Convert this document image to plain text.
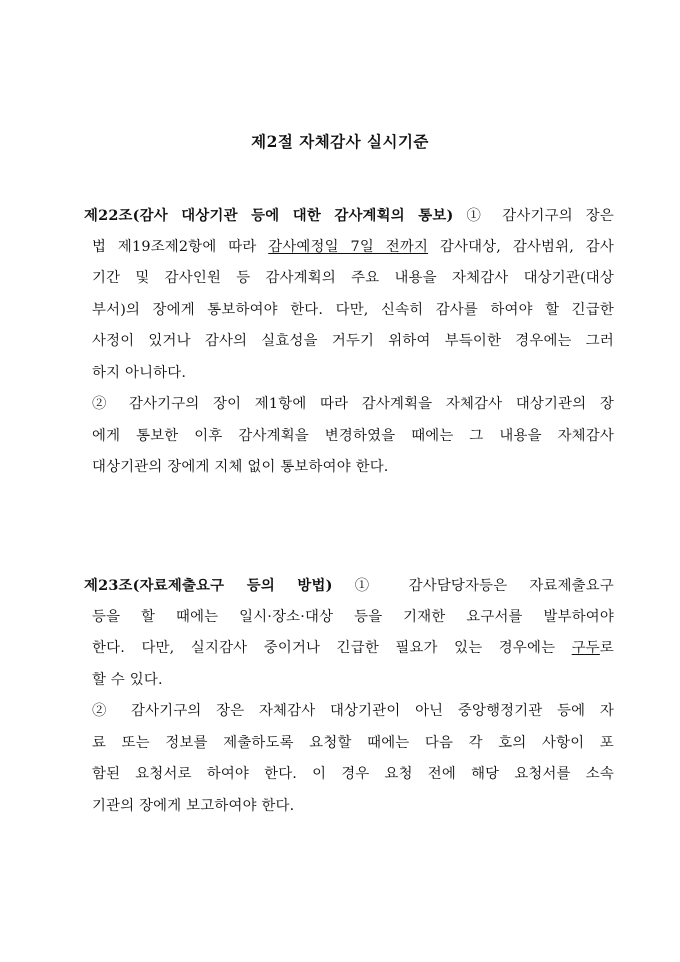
제2절 자체감사 실시기준
제22조(감사 대상기관 등에 대한 감사계획의 통보) ① 감사기구의 장은
법 제19조제2항에 따라 감사예정일 7일 전까지 감사대상, 감사범위, 감사
기간 및 감사인원 등 감사계획의 주요 내용을 자체감사 대상기관(대상
부서)의 장에게 통보하여야 한다. 다만, 신속히 감사를 하여야 할 긴급한
사정이 있거나 감사의 실효성을 거두기 위하여 부득이한 경우에는 그러
하지 아니하다.
② 감사기구의 장이 제1항에 따라 감사계획을 자체감사 대상기관의 장
에게 통보한 이후 감사계획을 변경하였을 때에는 그 내용을 자체감사
대상기관의 장에게 지체 없이 통보하여야 한다.
제23조(자료제출요구 등의 방법) ① 감사담당자등은 자료제출요구
등을 할 때에는 일시·장소·대상 등을 기재한 요구서를 발부하여야
한다. 다만, 실지감사 중이거나 긴급한 필요가 있는 경우에는 구두로
할 수 있다.
② 감사기구의 장은 자체감사 대상기관이 아닌 중앙행정기관 등에 자
료 또는 정보를 제출하도록 요청할 때에는 다음 각 호의 사항이 포
함된 요청서로 하여야 한다. 이 경우 요청 전에 해당 요청서를 소속
기관의 장에게 보고하여야 한다.
